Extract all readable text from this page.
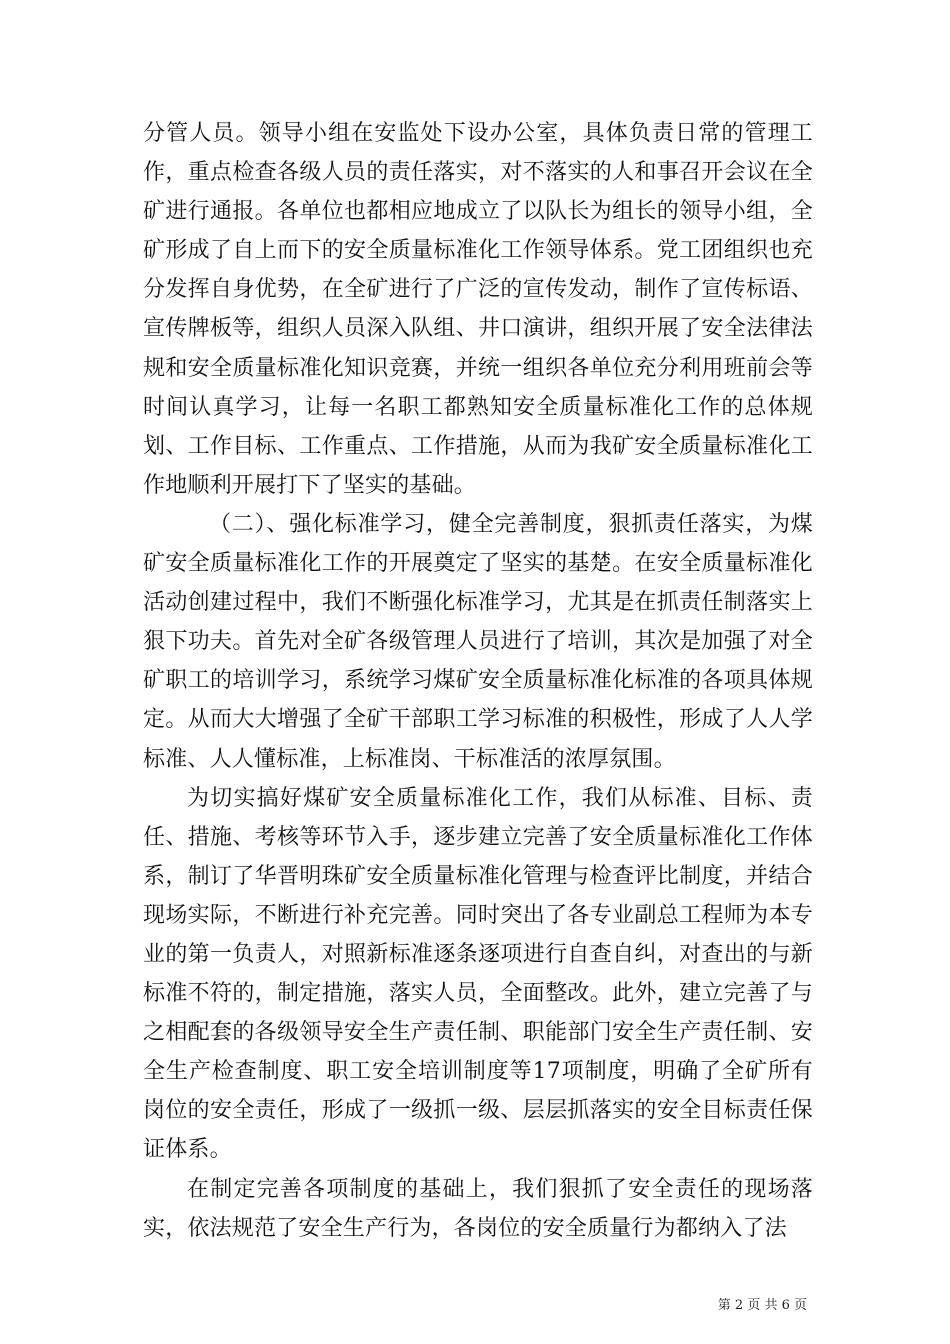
分管人员。领导小组在安监处下设办公室，具体负责日常的管理工作，重点检查各级人员的责任落实，对不落实的人和事召开会议在全矿进行通报。各单位也都相应地成立了以队长为组长的领导小组，全矿形成了自上而下的安全质量标准化工作领导体系。党工团组织也充分发挥自身优势，在全矿进行了广泛的宣传发动，制作了宣传标语、宣传牌板等，组织人员深入队组、井口演讲，组织开展了安全法律法规和安全质量标准化知识竞赛，并统一组织各单位充分利用班前会等时间认真学习，让每一名职工都熟知安全质量标准化工作的总体规划、工作目标、工作重点、工作措施，从而为我矿安全质量标准化工作地顺利开展打下了坚实的基础。

（二）、强化标准学习，健全完善制度，狠抓责任落实，为煤矿安全质量标准化工作的开展奠定了坚实的基楚。在安全质量标准化活动创建过程中，我们不断强化标准学习，尤其是在抓责任制落实上狠下功夫。首先对全矿各级管理人员进行了培训，其次是加强了对全矿职工的培训学习，系统学习煤矿安全质量标准化标准的各项具体规定。从而大大增强了全矿干部职工学习标准的积极性，形成了人人学标准、人人懂标准，上标准岗、干标准活的浓厚氛围。

为切实搞好煤矿安全质量标准化工作，我们从标准、目标、责任、措施、考核等环节入手，逐步建立完善了安全质量标准化工作体系，制订了华晋明珠矿安全质量标准化管理与检查评比制度，并结合现场实际，不断进行补充完善。同时突出了各专业副总工程师为本专业的第一负责人，对照新标准逐条逐项进行自查自纠，对查出的与新标准不符的，制定措施，落实人员，全面整改。此外，建立完善了与之相配套的各级领导安全生产责任制、职能部门安全生产责任制、安全生产检查制度、职工安全培训制度等17项制度，明确了全矿所有岗位的安全责任，形成了一级抓一级、层层抓落实的安全目标责任保证体系。

在制定完善各项制度的基础上，我们狠抓了安全责任的现场落实，依法规范了安全生产行为，各岗位的安全质量行为都纳入了法

第 2 页 共 6 页
